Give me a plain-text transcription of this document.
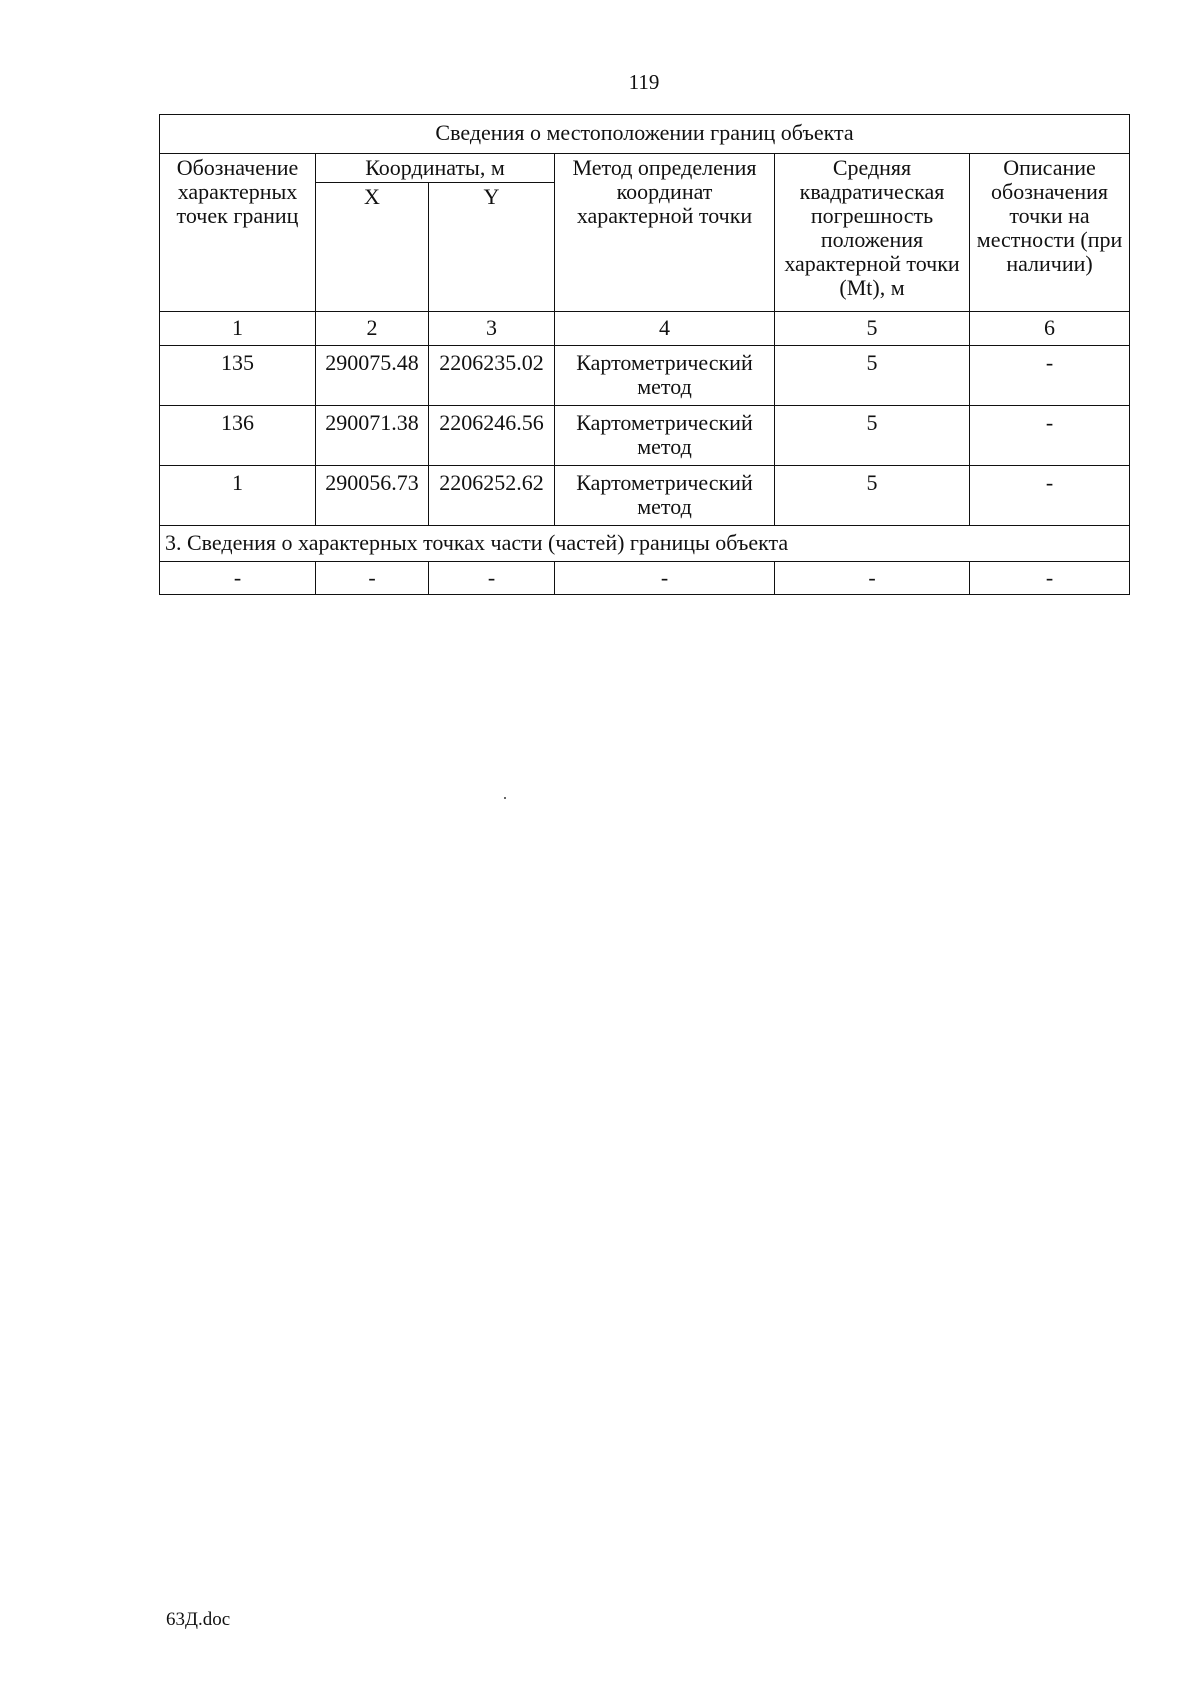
119
Сведения о местоположении границ объекта					
Обозначение характерных точек границ	Координаты, м		Метод определения координат характерной точки	Средняя квадратическая погрешность положения характерной точки (Mt), м	Описание обозначения точки на местности (при наличии)
	X	Y			
1	2	3	4	5	6
135	290075.48	2206235.02	Картометрический метод	5	-
136	290071.38	2206246.56	Картометрический метод	5	-
1	290056.73	2206252.62	Картометрический метод	5	-
3. Сведения о характерных точках части (частей) границы объекта					
-	-	-	-	-	-
63Д.doc
